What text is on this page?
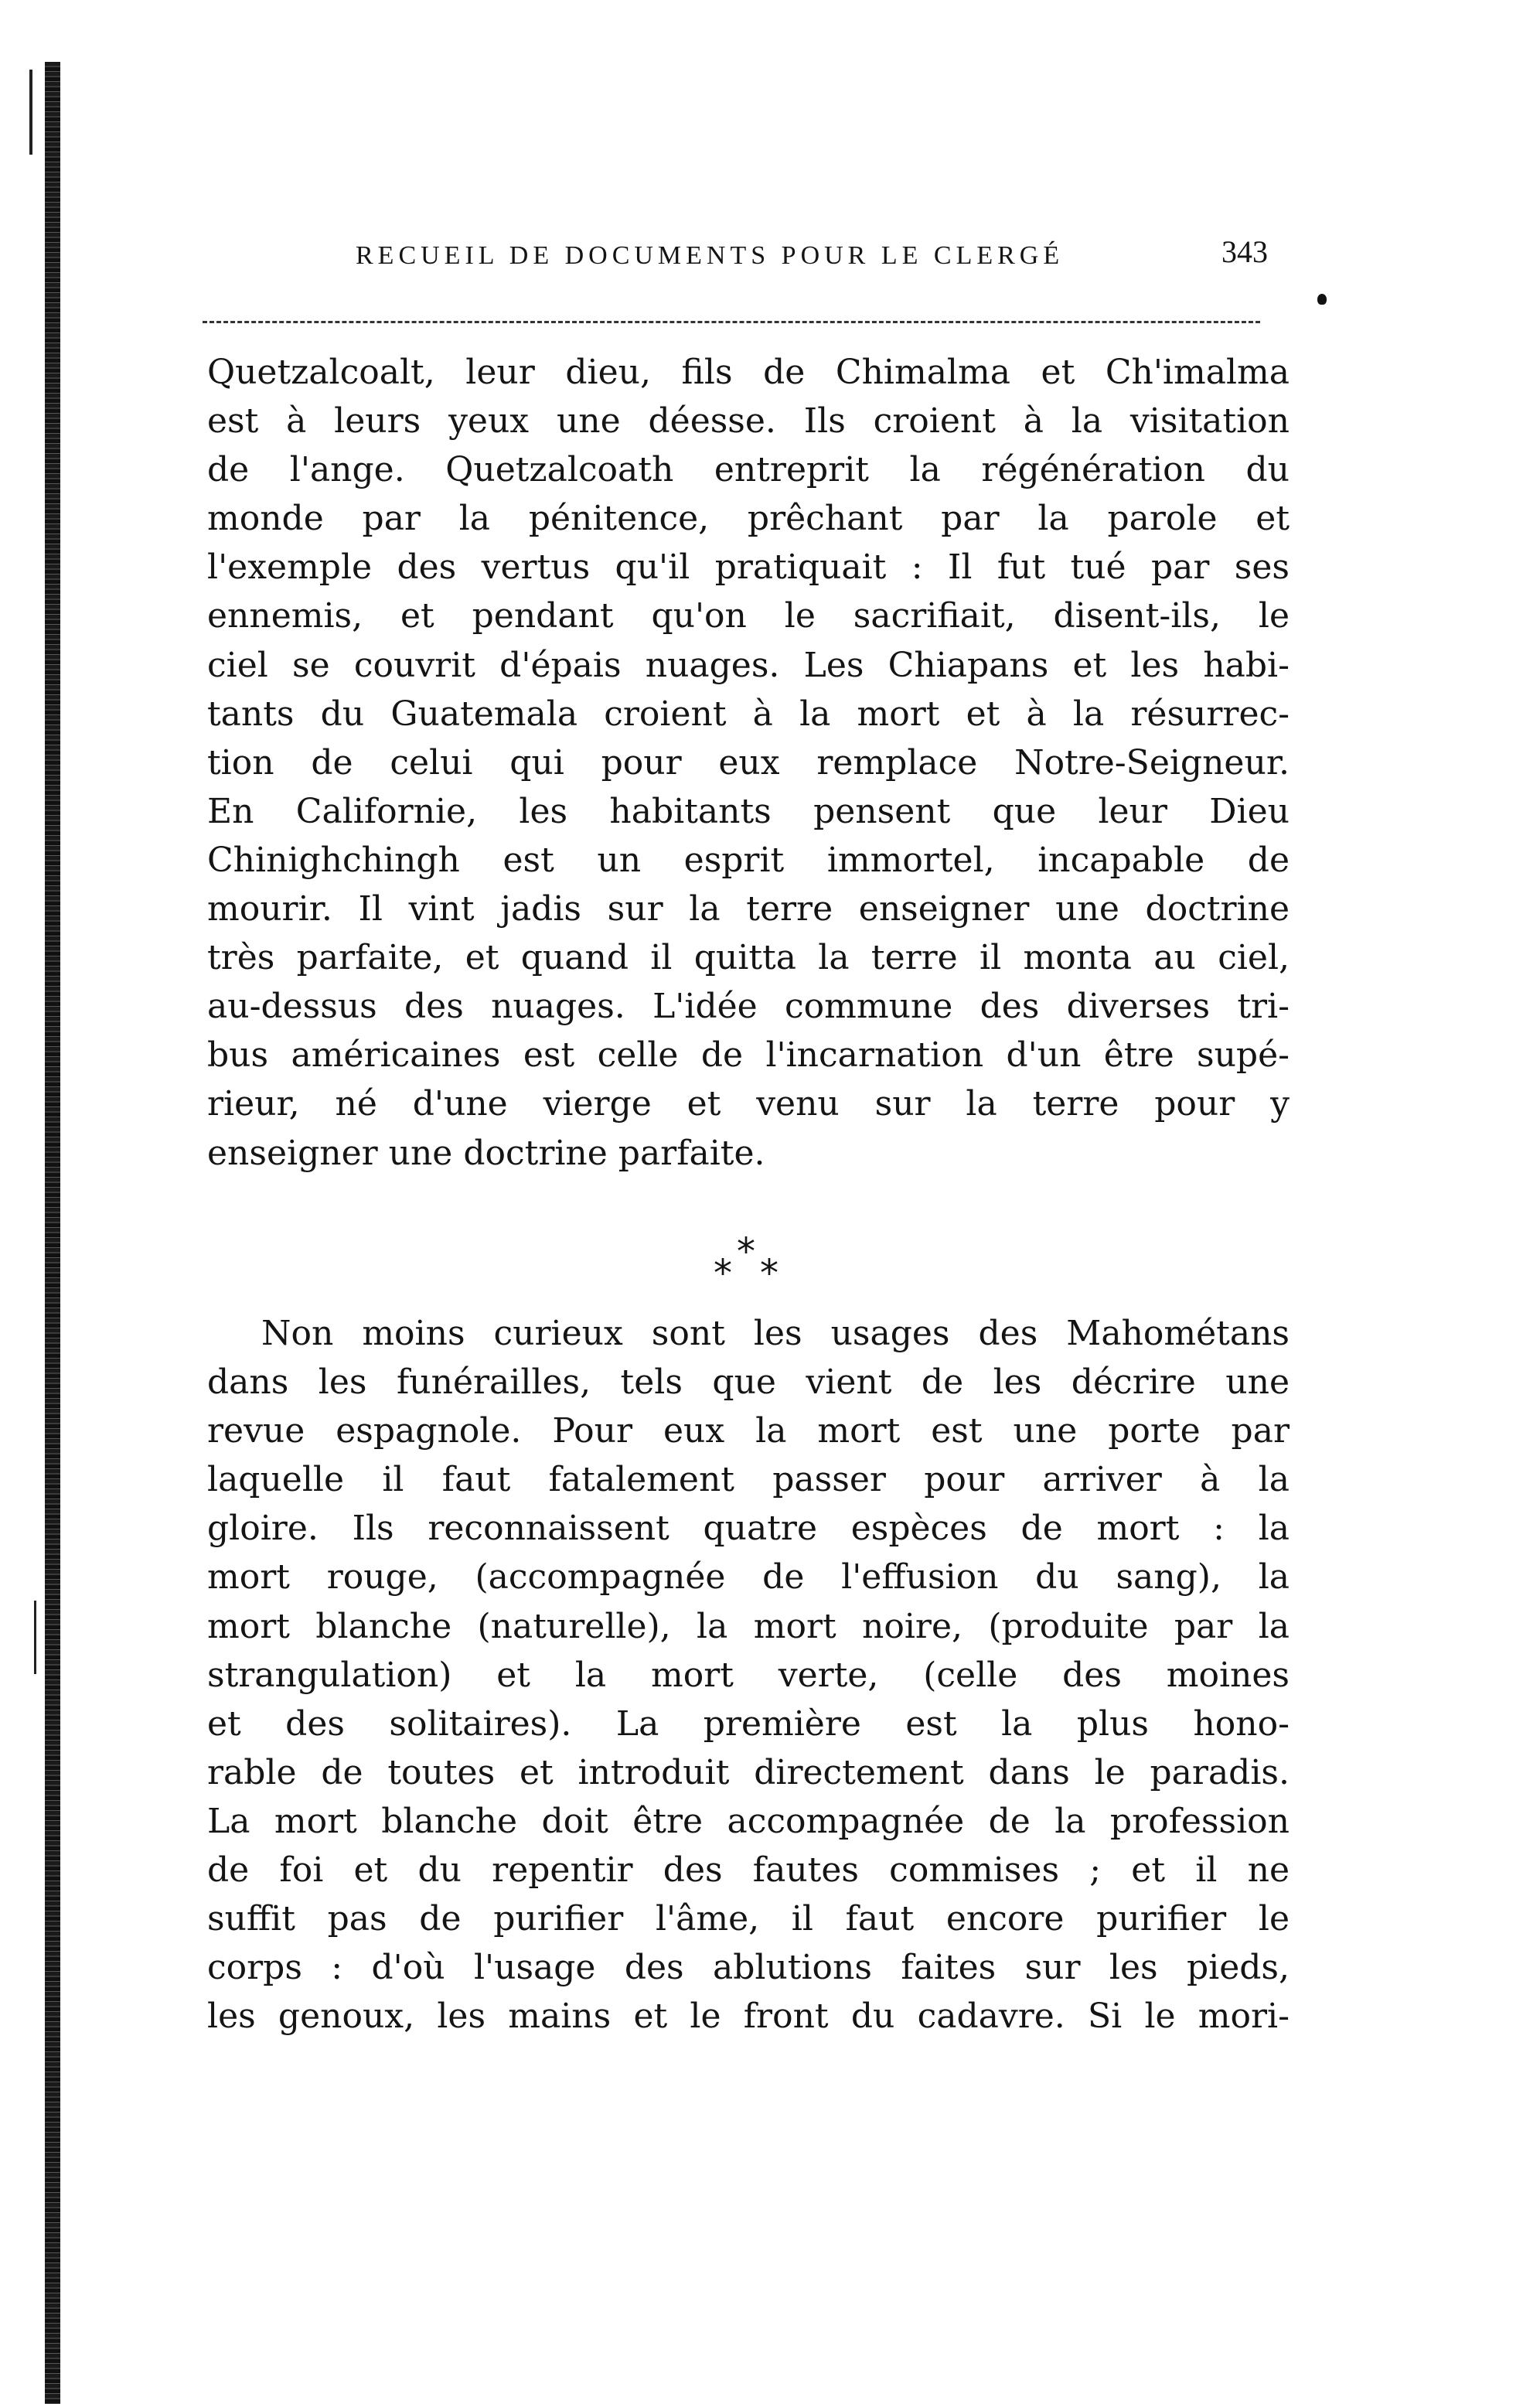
RECUEIL DE DOCUMENTS POUR LE CLERGÉ	343
Quetzalcoalt, leur dieu, fils de Chimalma et Ch'imalma
est à leurs yeux une déesse. Ils croient à la visitation
de l'ange. Quetzalcoath entreprit la régénération du
monde par la pénitence, prêchant par la parole et
l'exemple des vertus qu'il pratiquait : Il fut tué par ses
ennemis, et pendant qu'on le sacrifiait, disent-ils, le
ciel se couvrit d'épais nuages. Les Chiapans et les habi-
tants du Guatemala croient à la mort et à la résurrec-
tion de celui qui pour eux remplace Notre-Seigneur.
En Californie, les habitants pensent que leur Dieu
Chinighchingh est un esprit immortel, incapable de
mourir. Il vint jadis sur la terre enseigner une doctrine
très parfaite, et quand il quitta la terre il monta au ciel,
au-dessus des nuages. L'idée commune des diverses tri-
bus américaines est celle de l'incarnation d'un être supé-
rieur, né d'une vierge et venu sur la terre pour y
enseigner une doctrine parfaite.
*
* *
Non moins curieux sont les usages des Mahométans
dans les funérailles, tels que vient de les décrire une
revue espagnole. Pour eux la mort est une porte par
laquelle il faut fatalement passer pour arriver à la
gloire. Ils reconnaissent quatre espèces de mort : la
mort rouge, (accompagnée de l'effusion du sang), la
mort blanche (naturelle), la mort noire, (produite par la
strangulation) et la mort verte, (celle des moines
et des solitaires). La première est la plus hono-
rable de toutes et introduit directement dans le paradis.
La mort blanche doit être accompagnée de la profession
de foi et du repentir des fautes commises ; et il ne
suffit pas de purifier l'âme, il faut encore purifier le
corps : d'où l'usage des ablutions faites sur les pieds,
les genoux, les mains et le front du cadavre. Si le mori-
